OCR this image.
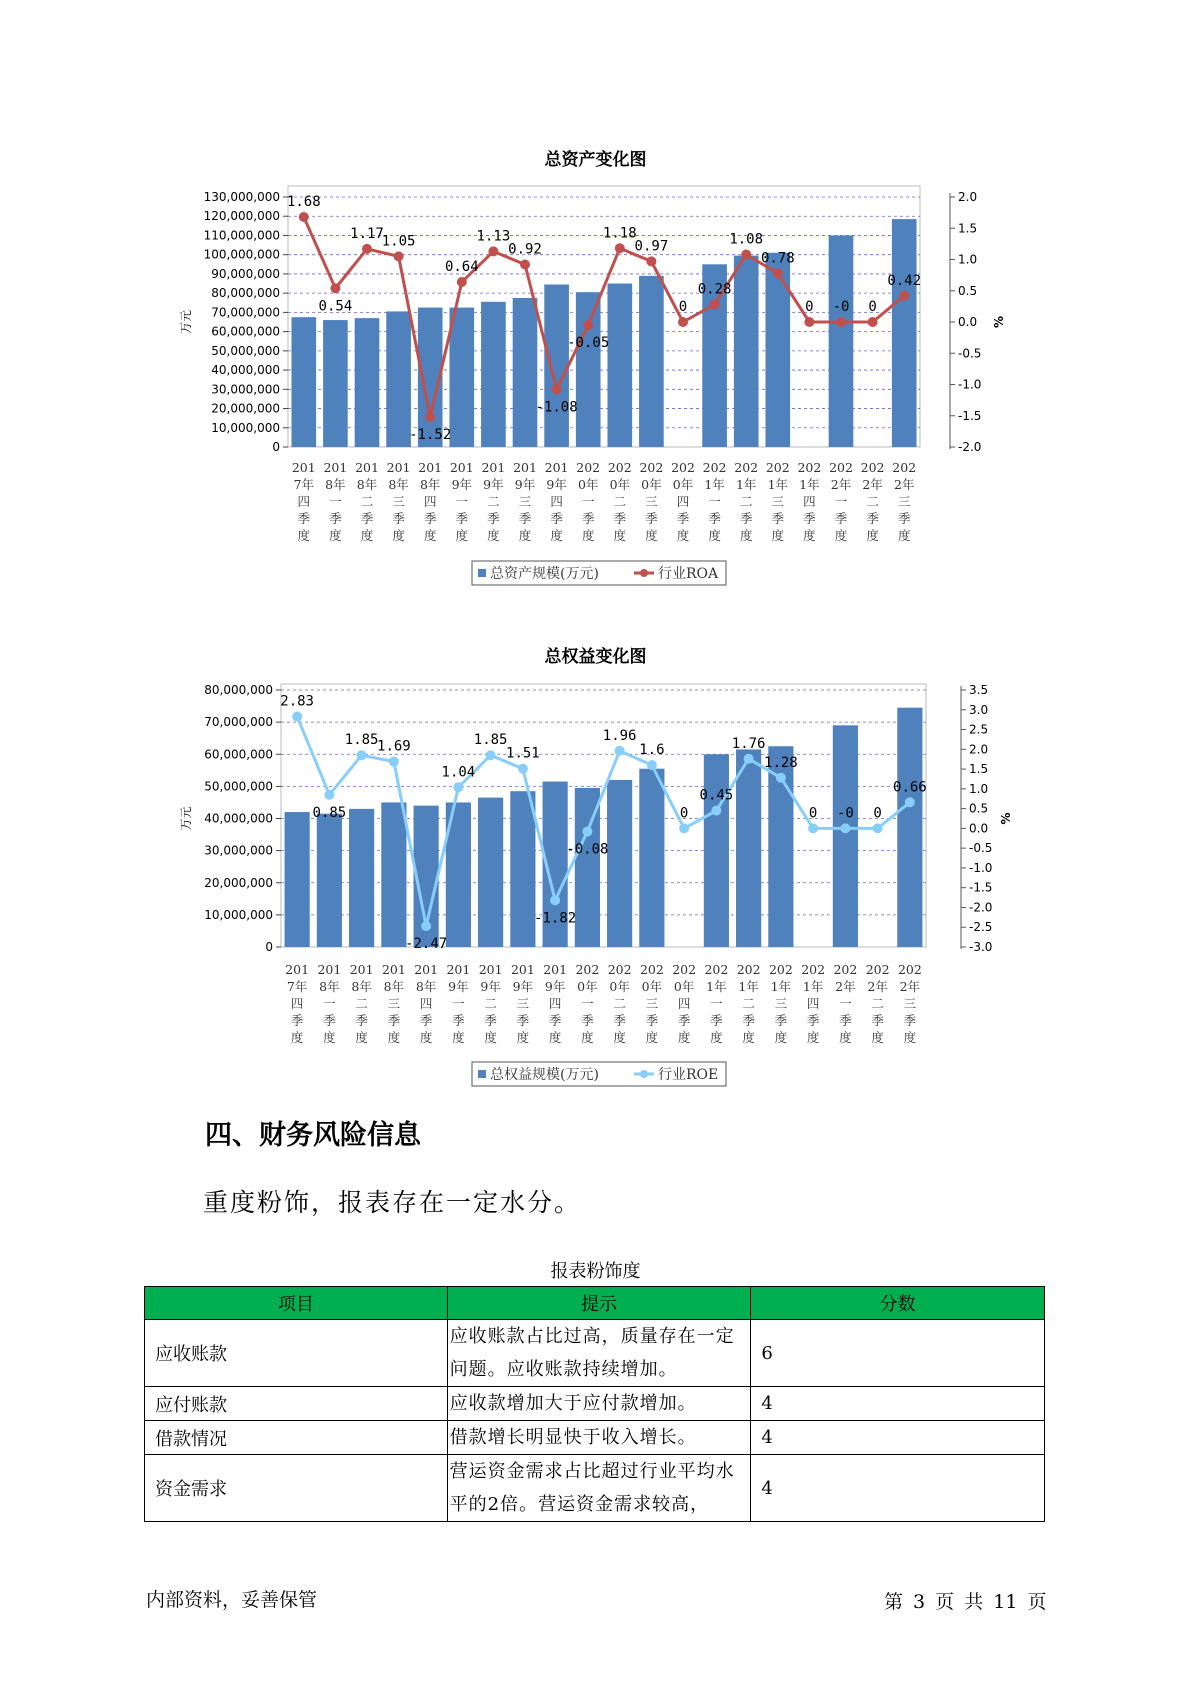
总资产变化图
130,000,000
120,000,000
110,000,000
100,000,000
90,000,000
80,000,000
70,000,000
60,000,000
50,000,000
40,000,000
30,000,000
20,000,000
10,000,000
0
万元
2.0
1.5
1.0
0.5
0.0
-0.5
-1.0
-1.5
-2.0
%
1.68
0.54
1.17
1.05
-1.52
0.64
1.13
0.92
-1.08
-0.05
1.18
0.97
0
0.28
1.08
0.78
0 -0 0
0.42
201
7年
四
季
度
201
8年
一
季
度
201
8年
二
季
度
201
8年
三
季
度
201
8年
四
季
度
201
9年
一
季
度
201
9年
二
季
度
201
9年
三
季
度
201
9年
四
季
度
202
0年
一
季
度
202
0年
二
季
度
202
0年
三
季
度
202
0年
四
季
度
202
1年
一
季
度
202
1年
二
季
度
202
1年
三
季
度
202
1年
四
季
度
202
2年
一
季
度
202
2年
二
季
度
202
2年
三
季
度
总资产规模(万元)	行业ROA
总权益变化图
80,000,000
70,000,000
60,000,000
50,000,000
40,000,000
30,000,000
20,000,000
10,000,000
0
万元
3.5
3.0
2.5
2.0
1.5
1.0
0.5
0.0
-0.5
-1.0
-1.5
-2.0
-2.5
-3.0
%
2.83
0.85
1.85
1.69
-2.47
1.04
1.85
1.51
-1.82
-0.08
1.96
1.6
0
0.45
1.76
1.28
0 -0 0
0.66
201
7年
四
季
度
201
8年
一
季
度
201
8年
二
季
度
201
8年
三
季
度
201
8年
四
季
度
201
9年
一
季
度
201
9年
二
季
度
201
9年
三
季
度
201
9年
四
季
度
202
0年
一
季
度
202
0年
二
季
度
202
0年
三
季
度
202
0年
四
季
度
202
1年
一
季
度
202
1年
二
季
度
202
1年
三
季
度
202
1年
四
季
度
202
2年
一
季
度
202
2年
二
季
度
202
2年
三
季
度
总权益规模(万元)	行业ROE
四、财务风险信息
重度粉饰，报表存在一定水分。
报表粉饰度
项目	提示	分数
应收账款	应收账款占比过高，质量存在一定问题。应收账款持续增加。	6
应付账款	应收款增加大于应付款增加。	4
借款情况	借款增长明显快于收入增长。	4
资金需求	营运资金需求占比超过行业平均水平的2倍。营运资金需求较高，	4
内部资料，妥善保管	第 3 页 共 11 页
